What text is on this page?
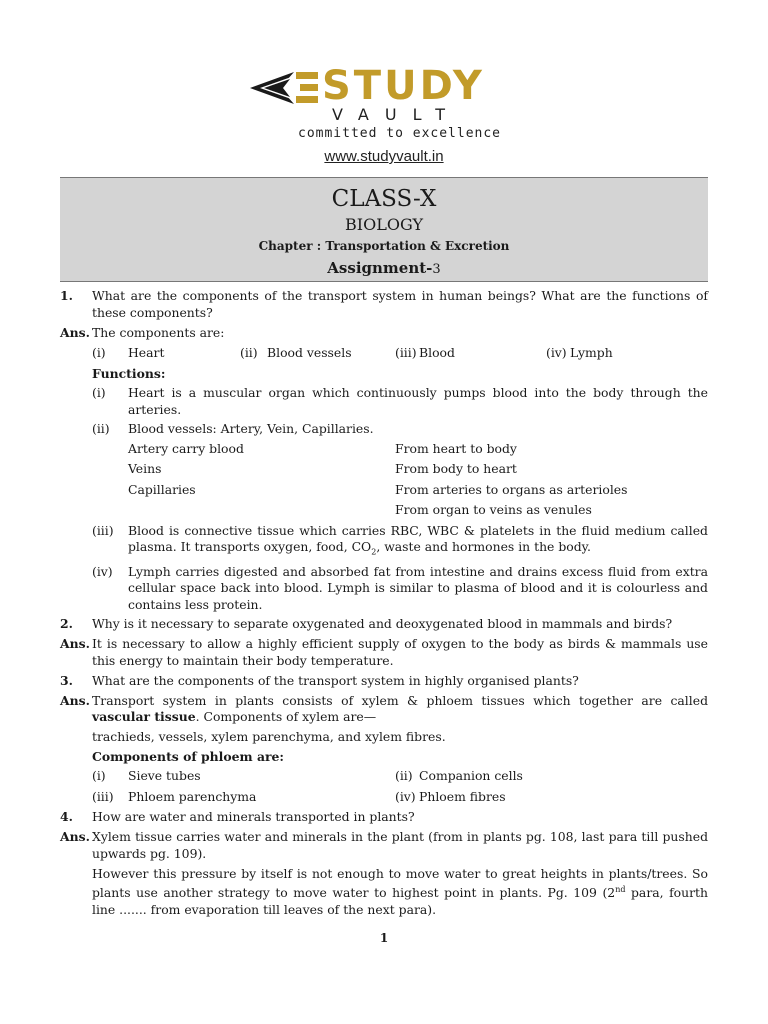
STUDY
VAULT
committed to excellence
www.studyvault.in
CLASS-X
BIOLOGY
Chapter : Transportation & Excretion
Assignment-3
1. What are the components of the transport system in human beings? What are the functions of these components?
Ans. The components are:
(i) Heart	(ii) Blood vessels	(iii) Blood	(iv) Lymph
Functions:
(i) Heart is a muscular organ which continuously pumps blood into the body through the arteries.
(ii) Blood vessels: Artery, Vein, Capillaries.
Artery carry blood	From heart to body
Veins	From body to heart
Capillaries	From arteries to organs as arterioles
From organ to veins as venules
(iii) Blood is connective tissue which carries RBC, WBC & platelets in the fluid medium called plasma. It transports oxygen, food, $CO_2$, waste and hormones in the body.
(iv) Lymph carries digested and absorbed fat from intestine and drains excess fluid from extra cellular space back into blood. Lymph is similar to plasma of blood and it is colourless and contains less protein.
2. Why is it necessary to separate oxygenated and deoxygenated blood in mammals and birds?
Ans. It is necessary to allow a highly efficient supply of oxygen to the body as birds & mammals use this energy to maintain their body temperature.
3. What are the components of the transport system in highly organised plants?
Ans. Transport system in plants consists of xylem & phloem tissues which together are called vascular tissue. Components of xylem are—
trachieds, vessels, xylem parenchyma, and xylem fibres.
Components of phloem are:
(i) Sieve tubes	(ii) Companion cells
(iii) Phloem parenchyma	(iv) Phloem fibres
4. How are water and minerals transported in plants?
Ans. Xylem tissue carries water and minerals in the plant (from in plants pg. 108, last para till pushed upwards pg. 109).
However this pressure by itself is not enough to move water to great heights in plants/trees. So plants use another strategy to move water to highest point in plants. Pg. 109 (2nd para, fourth line ....... from evaporation till leaves of the next para).
1
